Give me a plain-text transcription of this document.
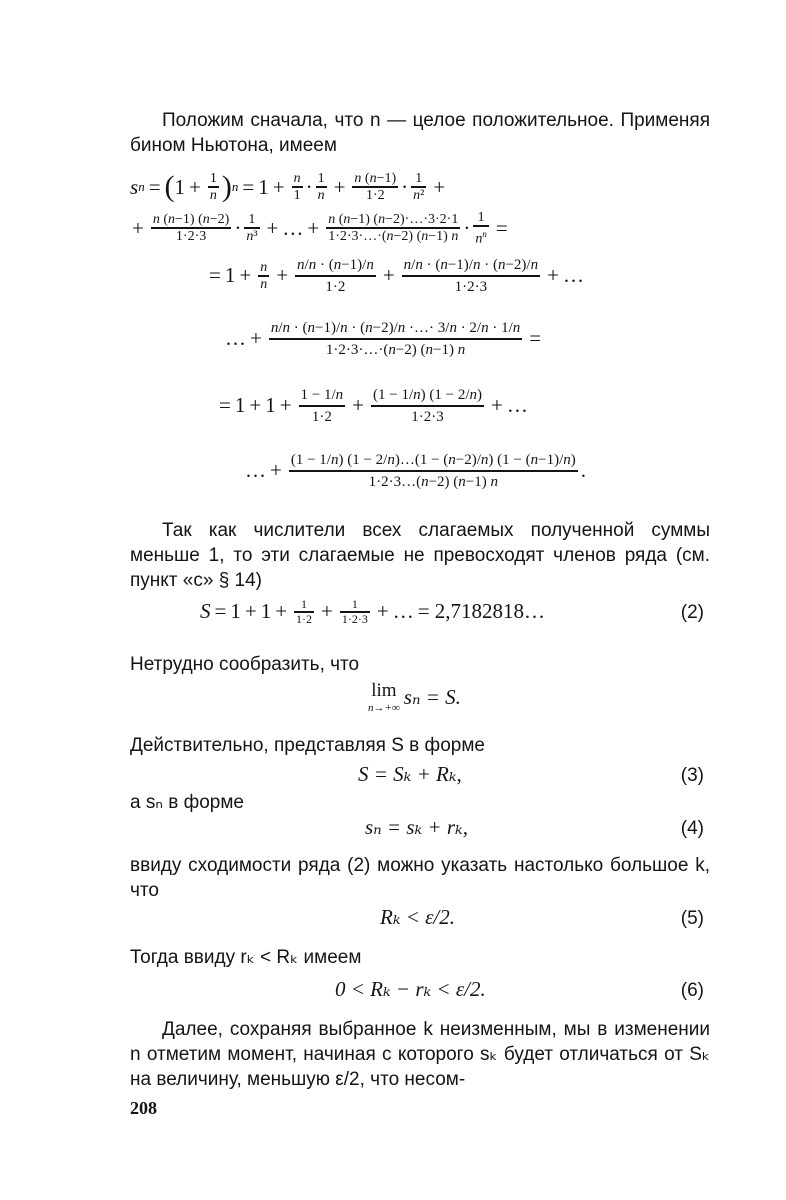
Положим сначала, что n — целое положительное. Применяя бином Ньютона, имеем

s n = ( $1 + \frac{1}{n}$ ) $n = 1 + \frac{n}{1} \cdot \frac{1}{n} + \frac{n (n-1)}{1\cdot 2} \cdot \frac{1}{\text{n²}}$ +
+ $\frac{n (n-1) (n-2)}{1\cdot 2\cdot 3} \cdot \frac{1}{\text{n³}}$ + … + $\frac{n (n-1) (n-2)\cdot\dots\cdot 3\cdot 2\cdot 1}{1\cdot 2\cdot 3\cdot\dots\cdot(n-2) (n-1) n} \cdot \frac{1}{n^n}$ =
= $1 + \frac{n}{n} + \frac{n/n \cdot (n-1)/n}{1\cdot 2} + \frac{n/n \cdot (n-1)/n \cdot (n-2)/n}{1\cdot 2\cdot 3}$ + …
… + $\frac{n/n \cdot (n-1)/n \cdot (n-2)/n \cdot\dots\cdot 3/n \cdot 2/n \cdot 1/n}{1\cdot 2\cdot 3\cdot\dots\cdot(n-2) (n-1) n}$ =
= $1 + 1 + \frac{1 - 1/n}{1\cdot 2} + \frac{(1 - 1/n) (1 - 2/n)}{1\cdot 2\cdot 3}$ + …
… + $\frac{(1 - 1/n) (1 - 2/n)\dots(1 - (n-2)/n) (1 - (n-1)/n)}{1\cdot 2\cdot 3\dots(n-2) (n-1) n}$ .

Так как числители всех слагаемых полученной суммы меньше 1, то эти слагаемые не превосходят членов ряда (см. пункт «с» § 14)

$S = 1 + 1 + \frac{1}{1\cdot 2} + \frac{1}{1\cdot 2\cdot 3}$ + … = 2,7182818…	(2)

Нетрудно сообразить, что

lim
n→+∞ sₙ = S.

Действительно, представляя S в форме

S = Sₖ + Rₖ,	(3)

а sₙ в форме

sₙ = sₖ + rₖ,	(4)

ввиду сходимости ряда (2) можно указать настолько большое k, что

Rₖ < ε/2.	(5)

Тогда ввиду rₖ < Rₖ имеем

0 < Rₖ − rₖ < ε/2.	(6)

Далее, сохраняя выбранное k неизменным, мы в изменении n отметим момент, начиная с которого sₖ будет отличаться от Sₖ на величину, меньшую ε/2, что несом-

208
